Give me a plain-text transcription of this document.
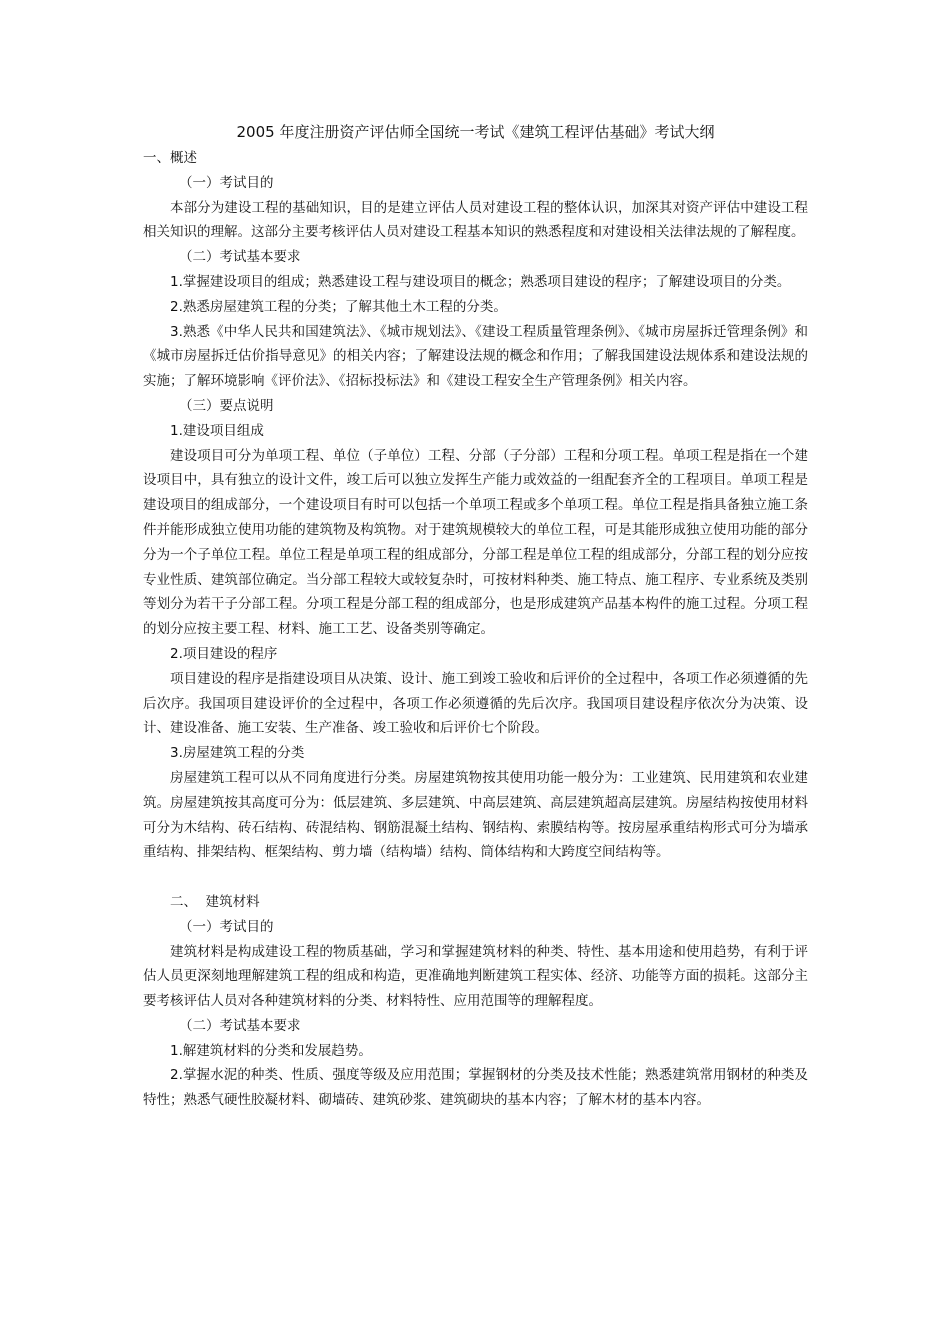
2005 年度注册资产评估师全国统一考试《建筑工程评估基础》考试大纲

一、概述

（一）考试目的

本部分为建设工程的基础知识，目的是建立评估人员对建设工程的整体认识，加深其对资产评估中建设工程相关知识的理解。这部分主要考核评估人员对建设工程基本知识的熟悉程度和对建设相关法律法规的了解程度。

（二）考试基本要求

1.掌握建设项目的组成；熟悉建设工程与建设项目的概念；熟悉项目建设的程序；了解建设项目的分类。

2.熟悉房屋建筑工程的分类；了解其他土木工程的分类。

3.熟悉《中华人民共和国建筑法》、《城市规划法》、《建设工程质量管理条例》、《城市房屋拆迁管理条例》和《城市房屋拆迁估价指导意见》的相关内容；了解建设法规的概念和作用；了解我国建设法规体系和建设法规的实施；了解环境影响《评价法》、《招标投标法》和《建设工程安全生产管理条例》相关内容。

（三）要点说明

1.建设项目组成

建设项目可分为单项工程、单位（子单位）工程、分部（子分部）工程和分项工程。单项工程是指在一个建设项目中，具有独立的设计文件，竣工后可以独立发挥生产能力或效益的一组配套齐全的工程项目。单项工程是建设项目的组成部分，一个建设项目有时可以包括一个单项工程或多个单项工程。单位工程是指具备独立施工条件并能形成独立使用功能的建筑物及构筑物。对于建筑规模较大的单位工程，可是其能形成独立使用功能的部分分为一个子单位工程。单位工程是单项工程的组成部分，分部工程是单位工程的组成部分，分部工程的划分应按专业性质、建筑部位确定。当分部工程较大或较复杂时，可按材料种类、施工特点、施工程序、专业系统及类别等划分为若干子分部工程。分项工程是分部工程的组成部分，也是形成建筑产品基本构件的施工过程。分项工程的划分应按主要工程、材料、施工工艺、设备类别等确定。

2.项目建设的程序

项目建设的程序是指建设项目从决策、设计、施工到竣工验收和后评价的全过程中，各项工作必须遵循的先后次序。我国项目建设评价的全过程中，各项工作必须遵循的先后次序。我国项目建设程序依次分为决策、设计、建设准备、施工安装、生产准备、竣工验收和后评价七个阶段。

3.房屋建筑工程的分类

房屋建筑工程可以从不同角度进行分类。房屋建筑物按其使用功能一般分为：工业建筑、民用建筑和农业建筑。房屋建筑按其高度可分为：低层建筑、多层建筑、中高层建筑、高层建筑超高层建筑。房屋结构按使用材料可分为木结构、砖石结构、砖混结构、钢筋混凝土结构、钢结构、索膜结构等。按房屋承重结构形式可分为墙承重结构、排架结构、框架结构、剪力墙（结构墙）结构、筒体结构和大跨度空间结构等。

二、  建筑材料

（一）考试目的

建筑材料是构成建设工程的物质基础，学习和掌握建筑材料的种类、特性、基本用途和使用趋势，有利于评估人员更深刻地理解建筑工程的组成和构造，更准确地判断建筑工程实体、经济、功能等方面的损耗。这部分主要考核评估人员对各种建筑材料的分类、材料特性、应用范围等的理解程度。

（二）考试基本要求

1.解建筑材料的分类和发展趋势。

2.掌握水泥的种类、性质、强度等级及应用范围；掌握钢材的分类及技术性能；熟悉建筑常用钢材的种类及特性；熟悉气硬性胶凝材料、砌墙砖、建筑砂浆、建筑砌块的基本内容；了解木材的基本内容。
